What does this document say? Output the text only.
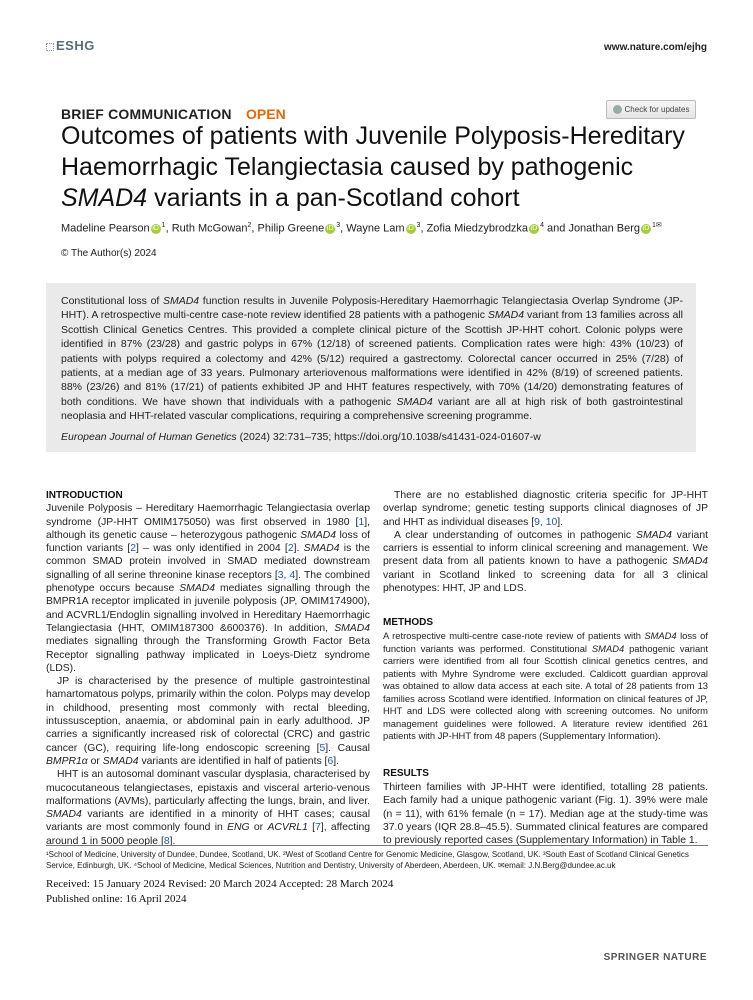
ESHG	www.nature.com/ejhg
BRIEF COMMUNICATION OPEN	Check for updates
Outcomes of patients with Juvenile Polyposis-Hereditary Haemorrhagic Telangiectasia caused by pathogenic SMAD4 variants in a pan-Scotland cohort
Madeline Pearson iD $^1$, Ruth McGowan$^2$, Philip Greene iD $^3$, Wayne Lam iD $^3$, Zofia Miedzybrodzka iD $^4$ and Jonathan Berg iD $^{1✉}$
© The Author(s) 2024

Constitutional loss of SMAD4 function results in Juvenile Polyposis-Hereditary Haemorrhagic Telangiectasia Overlap Syndrome (JP-HHT). A retrospective multi-centre case-note review identified 28 patients with a pathogenic SMAD4 variant from 13 families across all Scottish Clinical Genetics Centres. This provided a complete clinical picture of the Scottish JP-HHT cohort. Colonic polyps were identified in 87% (23/28) and gastric polyps in 67% (12/18) of screened patients. Complication rates were high: 43% (10/23) of patients with polyps required a colectomy and 42% (5/12) required a gastrectomy. Colorectal cancer occurred in 25% (7/28) of patients, at a median age of 33 years. Pulmonary arteriovenous malformations were identified in 42% (8/19) of screened patients. 88% (23/26) and 81% (17/21) of patients exhibited JP and HHT features respectively, with 70% (14/20) demonstrating features of both conditions. We have shown that individuals with a pathogenic SMAD4 variant are all at high risk of both gastrointestinal neoplasia and HHT-related vascular complications, requiring a comprehensive screening programme.

European Journal of Human Genetics (2024) 32:731–735; https://doi.org/10.1038/s41431-024-01607-w

INTRODUCTION

Juvenile Polyposis – Hereditary Haemorrhagic Telangiectasia overlap syndrome (JP-HHT OMIM175050) was first observed in 1980 [1], although its genetic cause – heterozygous pathogenic SMAD4 loss of function variants [2] – was only identified in 2004 [2]. SMAD4 is the common SMAD protein involved in SMAD mediated downstream signalling of all serine threonine kinase receptors [3, 4]. The combined phenotype occurs because SMAD4 mediates signalling through the BMPR1A receptor implicated in juvenile polyposis (JP, OMIM174900), and ACVRL1/Endoglin signalling involved in Hereditary Haemorrhagic Telangiectasia (HHT, OMIM187300 &600376). In addition, SMAD4 mediates signalling through the Transforming Growth Factor Beta Receptor signalling pathway implicated in Loeys-Dietz syndrome (LDS).

JP is characterised by the presence of multiple gastrointestinal hamartomatous polyps, primarily within the colon. Polyps may develop in childhood, presenting most commonly with rectal bleeding, intussusception, anaemia, or abdominal pain in early adulthood. JP carries a significantly increased risk of colorectal (CRC) and gastric cancer (GC), requiring life-long endoscopic screening [5]. Causal BMPR1α or SMAD4 variants are identified in half of patients [6].

HHT is an autosomal dominant vascular dysplasia, characterised by mucocutaneous telangiectases, epistaxis and visceral arterio-venous malformations (AVMs), particularly affecting the lungs, brain, and liver. SMAD4 variants are identified in a minority of HHT cases; causal variants are most commonly found in ENG or ACVRL1 [7], affecting around 1 in 5000 people [8].

There are no established diagnostic criteria specific for JP-HHT overlap syndrome; genetic testing supports clinical diagnoses of JP and HHT as individual diseases [9, 10].

A clear understanding of outcomes in pathogenic SMAD4 variant carriers is essential to inform clinical screening and management. We present data from all patients known to have a pathogenic SMAD4 variant in Scotland linked to screening data for all 3 clinical phenotypes: HHT, JP and LDS.

METHODS

A retrospective multi-centre case-note review of patients with SMAD4 loss of function variants was performed. Constitutional SMAD4 pathogenic variant carriers were identified from all four Scottish clinical genetics centres, and patients with Myhre Syndrome were excluded. Caldicott guardian approval was obtained to allow data access at each site. A total of 28 patients from 13 families across Scotland were identified. Information on clinical features of JP, HHT and LDS were collected along with screening outcomes. No uniform management guidelines were followed. A literature review identified 261 patients with JP-HHT from 48 papers (Supplementary Information).

RESULTS

Thirteen families with JP-HHT were identified, totalling 28 patients. Each family had a unique pathogenic variant (Fig. 1). 39% were male (n = 11), with 61% female (n = 17). Median age at the study-time was 37.0 years (IQR 28.8–45.5). Summated clinical features are compared to previously reported cases (Supplementary Information) in Table 1.

¹School of Medicine, University of Dundee, Dundee, Scotland, UK. ²West of Scotland Centre for Genomic Medicine, Glasgow, Scotland, UK. ³South East of Scotland Clinical Genetics Service, Edinburgh, UK. ⁴School of Medicine, Medical Sciences, Nutrition and Dentistry, University of Aberdeen, Aberdeen, UK. ✉email: J.N.Berg@dundee.ac.uk
Received: 15 January 2024 Revised: 20 March 2024 Accepted: 28 March 2024
Published online: 16 April 2024
SPRINGER NATURE
